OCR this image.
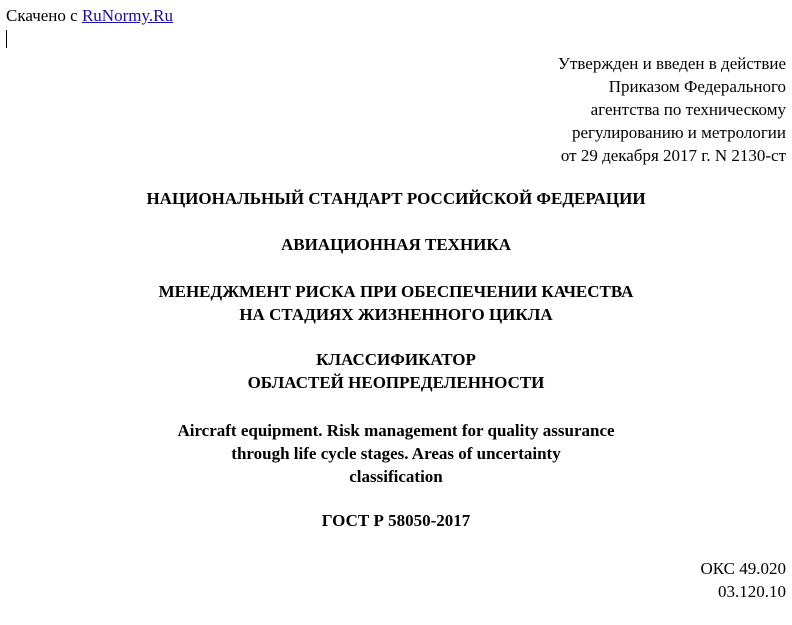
Скачено с RuNormy.Ru
Утвержден и введен в действие
Приказом Федерального
агентства по техническому
регулированию и метрологии
от 29 декабря 2017 г. N 2130-ст
НАЦИОНАЛЬНЫЙ СТАНДАРТ РОССИЙСКОЙ ФЕДЕРАЦИИ
АВИАЦИОННАЯ ТЕХНИКА
МЕНЕДЖМЕНТ РИСКА ПРИ ОБЕСПЕЧЕНИИ КАЧЕСТВА
НА СТАДИЯХ ЖИЗНЕННОГО ЦИКЛА
КЛАССИФИКАТОР
ОБЛАСТЕЙ НЕОПРЕДЕЛЕННОСТИ
Aircraft equipment. Risk management for quality assurance
through life cycle stages. Areas of uncertainty
classification
ГОСТ Р 58050-2017
ОКС 49.020
03.120.10
